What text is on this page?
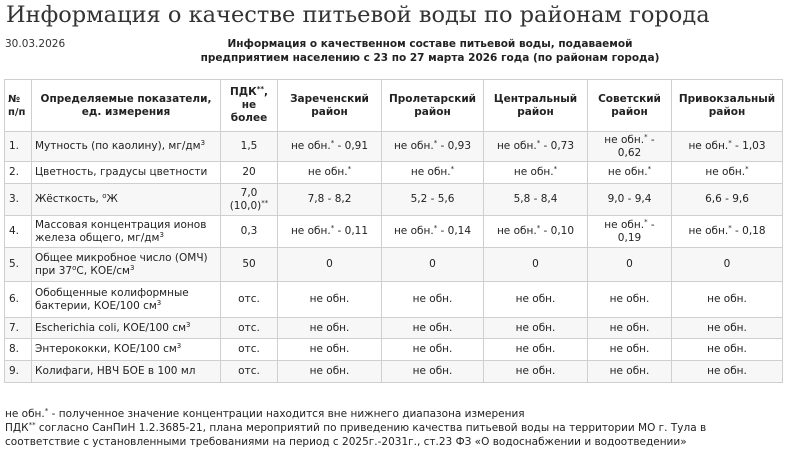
Информация о качестве питьевой воды по районам города
30.03.2026	Информация о качественном составе питьевой воды, подаваемой
предприятием населению с 23 по 27 марта 2026 года (по районам города)
№ п/п	Определяемые показатели, ед. измерения	ПДК**, не более	Зареченский район	Пролетарский район	Центральный район	Советский район	Привокзальный район
1.	Мутность (по каолину), $мг/дм^3$	1,5	не обн.* - 0,91	не обн.* - 0,93	не обн.* - 0,73	не обн.* - 0,62	не обн.* - 1,03
2.	Цветность, градусы цветности	20	не обн.*	не обн.*	не обн.*	не обн.*	не обн.*
3.	Жёсткость, $^о$Ж	7,0
(10,0)**	7,8 - 8,2	5,2 - 5,6	5,8 - 8,4	9,0 - 9,4	6,6 - 9,6
4.	Массовая концентрация ионов железа общего, $мг/дм^3$	0,3	не обн.* - 0,11	не обн.* - 0,14	не обн.* - 0,10	не обн.* - 0,19	не обн.* - 0,18
5.	Общее микробное число (ОМЧ) при $37^оС$, КОЕ/$см^3$	50	0	0	0	0	0
6.	Обобщенные колиформные бактерии, КОЕ/100 $см^3$	отс.	не обн.	не обн.	не обн.	не обн.	не обн.
7.	Escherichia coli, КОЕ/100 $см^3$	отс.	не обн.	не обн.	не обн.	не обн.	не обн.
8.	Энтерококки, КОЕ/100 $см^3$	отс.	не обн.	не обн.	не обн.	не обн.	не обн.
9.	Колифаги, НВЧ БОЕ в 100 мл	отс.	не обн.	не обн.	не обн.	не обн.	не обн.

не обн.* - полученное значение концентрации находится вне нижнего диапазона измерения

ПДК** согласно СанПиН 1.2.3685-21, плана мероприятий по приведению качества питьевой воды на территории МО г. Тула в соответствие с установленными требованиями на период с 2025г.-2031г., ст.23 ФЗ «О водоснабжении и водоотведении»
